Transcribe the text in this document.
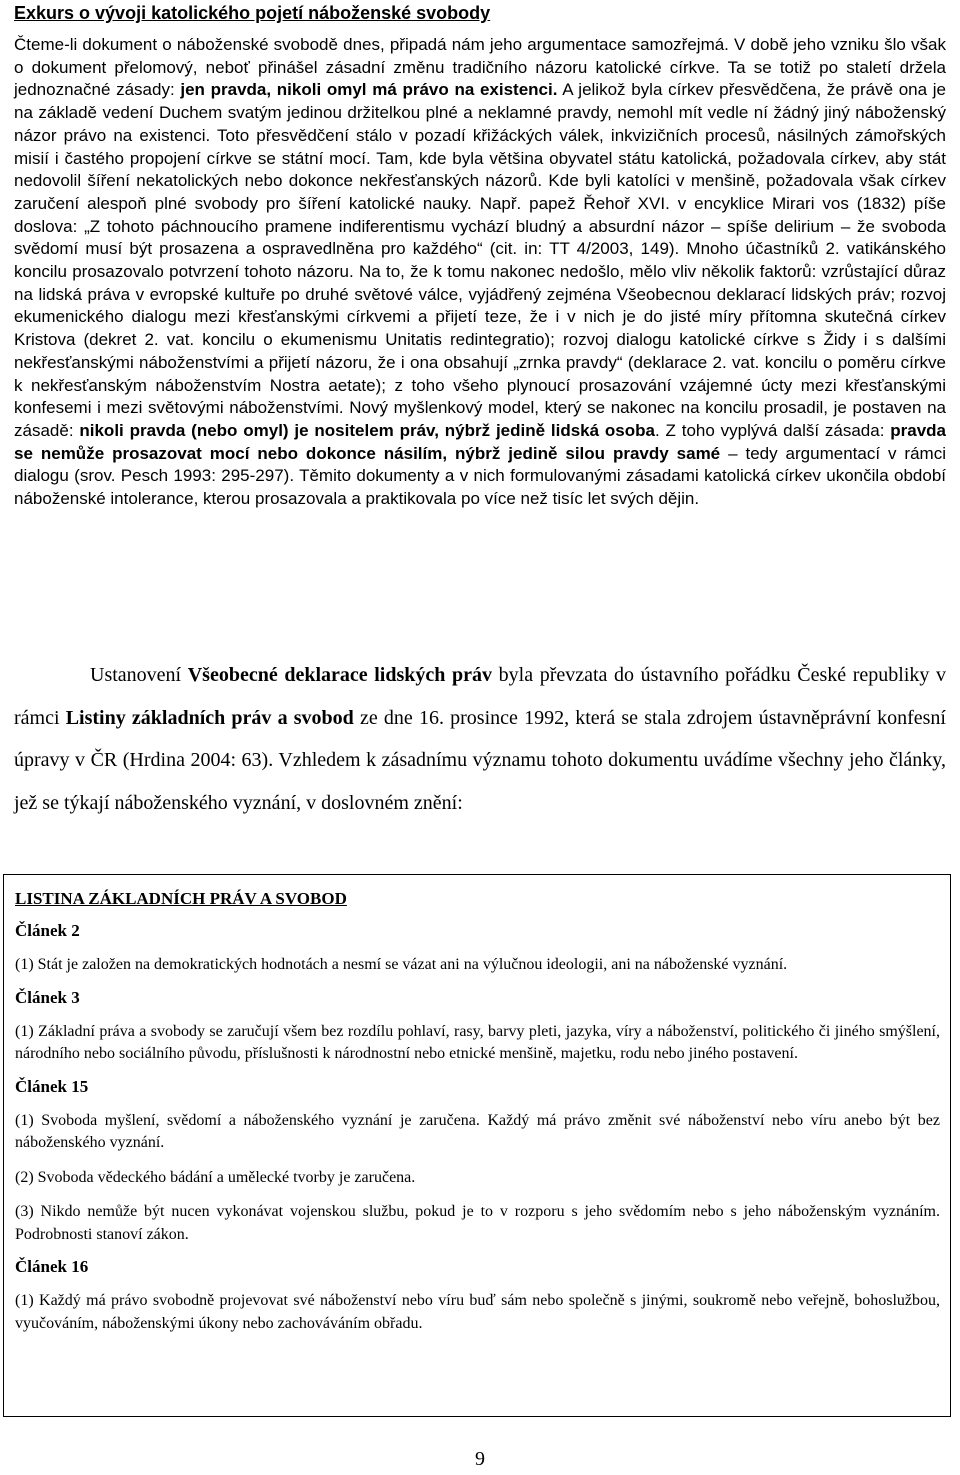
Exkurs o vývoji katolického pojetí náboženské svobody

Čteme-li dokument o náboženské svobodě dnes, připadá nám jeho argumentace samozřejmá. V době jeho vzniku šlo však o dokument přelomový, neboť přinášel zásadní změnu tradičního názoru katolické církve. Ta se totiž po staletí držela jednoznačné zásady: jen pravda, nikoli omyl má právo na existenci. A jelikož byla církev přesvědčena, že právě ona je na základě vedení Duchem svatým jedinou držitelkou plné a neklamné pravdy, nemohl mít vedle ní žádný jiný náboženský názor právo na existenci. Toto přesvědčení stálo v pozadí křižáckých válek, inkvizičních procesů, násilných zámořských misií i častého propojení církve se státní mocí. Tam, kde byla většina obyvatel státu katolická, požadovala církev, aby stát nedovolil šíření nekatolických nebo dokonce nekřesťanských názorů. Kde byli katolíci v menšině, požadovala však církev zaručení alespoň plné svobody pro šíření katolické nauky. Např. papež Řehoř XVI. v encyklice Mirari vos (1832) píše doslova: „Z tohoto páchnoucího pramene indiferentismu vychází bludný a absurdní názor – spíše delirium – že svoboda svědomí musí být prosazena a ospravedlněna pro každého“ (cit. in: TT 4/2003, 149). Mnoho účastníků 2. vatikánského koncilu prosazovalo potvrzení tohoto názoru. Na to, že k tomu nakonec nedošlo, mělo vliv několik faktorů: vzrůstající důraz na lidská práva v evropské kultuře po druhé světové válce, vyjádřený zejména Všeobecnou deklarací lidských práv; rozvoj ekumenického dialogu mezi křesťanskými církvemi a přijetí teze, že i v nich je do jisté míry přítomna skutečná církev Kristova (dekret 2. vat. koncilu o ekumenismu Unitatis redintegratio); rozvoj dialogu katolické církve s Židy i s dalšími nekřesťanskými náboženstvími a přijetí názoru, že i ona obsahují „zrnka pravdy“ (deklarace 2. vat. koncilu o poměru církve k nekřesťanským náboženstvím Nostra aetate); z toho všeho plynoucí prosazování vzájemné úcty mezi křesťanskými konfesemi i mezi světovými náboženstvími. Nový myšlenkový model, který se nakonec na koncilu prosadil, je postaven na zásadě: nikoli pravda (nebo omyl) je nositelem práv, nýbrž jedině lidská osoba. Z toho vyplývá další zásada: pravda se nemůže prosazovat mocí nebo dokonce násilím, nýbrž jedině silou pravdy samé – tedy argumentací v rámci dialogu (srov. Pesch 1993: 295-297). Těmito dokumenty a v nich formulovanými zásadami katolická církev ukončila období náboženské intolerance, kterou prosazovala a praktikovala po více než tisíc let svých dějin.

Ustanovení Všeobecné deklarace lidských práv byla převzata do ústavního pořádku České republiky v rámci Listiny základních práv a svobod ze dne 16. prosince 1992, která se stala zdrojem ústavněprávní konfesní úpravy v ČR (Hrdina 2004: 63). Vzhledem k zásadnímu významu tohoto dokumentu uvádíme všechny jeho články, jež se týkají náboženského vyznání, v doslovném znění:

LISTINA ZÁKLADNÍCH PRÁV A SVOBOD
Článek 2

(1) Stát je založen na demokratických hodnotách a nesmí se vázat ani na výlučnou ideologii, ani na náboženské vyznání.

Článek 3

(1) Základní práva a svobody se zaručují všem bez rozdílu pohlaví, rasy, barvy pleti, jazyka, víry a náboženství, politického či jiného smýšlení, národního nebo sociálního původu, příslušnosti k národnostní nebo etnické menšině, majetku, rodu nebo jiného postavení.

Článek 15

(1) Svoboda myšlení, svědomí a náboženského vyznání je zaručena. Každý má právo změnit své náboženství nebo víru anebo být bez náboženského vyznání.

(2) Svoboda vědeckého bádání a umělecké tvorby je zaručena.

(3) Nikdo nemůže být nucen vykonávat vojenskou službu, pokud je to v rozporu s jeho svědomím nebo s jeho náboženským vyznáním. Podrobnosti stanoví zákon.

Článek 16

(1) Každý má právo svobodně projevovat své náboženství nebo víru buď sám nebo společně s jinými, soukromě nebo veřejně, bohoslužbou, vyučováním, náboženskými úkony nebo zachováváním obřadu.

9
